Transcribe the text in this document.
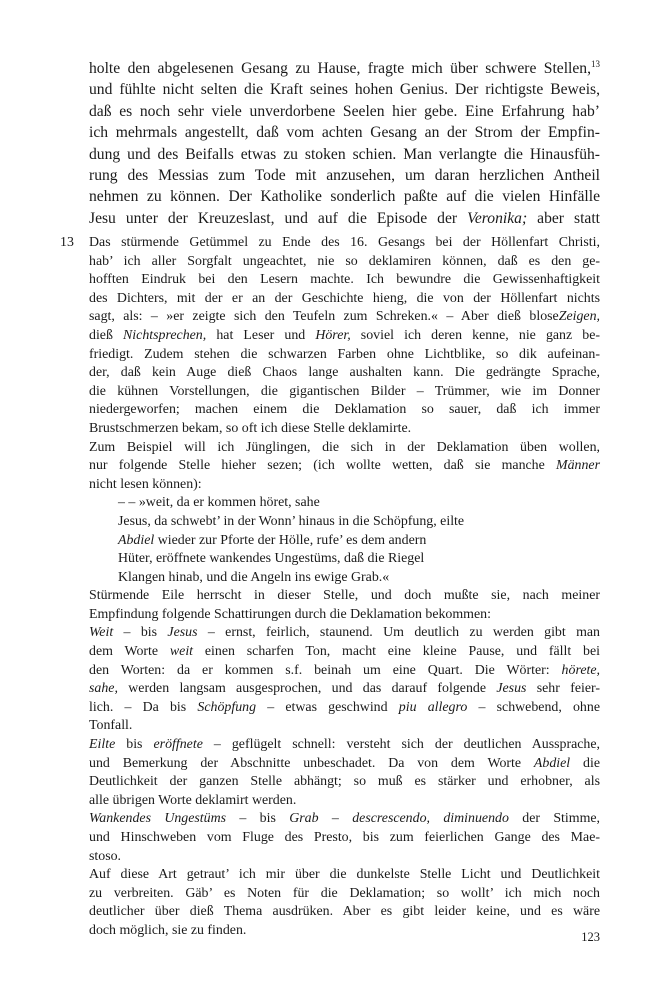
holte den abgelesenen Gesang zu Hause, fragte mich über schwere Stellen,$^{13}$
und fühlte nicht selten die Kraft seines hohen Genius. Der richtigste Beweis,
daß es noch sehr viele unverdorbene Seelen hier gebe. Eine Erfahrung hab’
ich mehrmals angestellt, daß vom achten Gesang an der Strom der Empfin-
dung und des Beifalls etwas zu stoken schien. Man verlangte die Hinausfüh-
rung des Messias zum Tode mit anzusehen, um daran herzlichen Antheil
nehmen zu können. Der Katholike sonderlich paßte auf die vielen Hinfälle
Jesu unter der Kreuzeslast, und auf die Episode der Veronika; aber statt
13	Das stürmende Getümmel zu Ende des 16. Gesangs bei der Höllenfart Christi,
hab’ ich aller Sorgfalt ungeachtet, nie so deklamiren können, daß es den ge-
hofften Eindruk bei den Lesern machte. Ich bewundre die Gewissenhaftigkeit
des Dichters, mit der er an der Geschichte hieng, die von der Höllenfart nichts
sagt, als: – »er zeigte sich den Teufeln zum Schreken.« – Aber dieß bloseZeigen,
dieß Nichtsprechen, hat Leser und Hörer, soviel ich deren kenne, nie ganz be-
friedigt. Zudem stehen die schwarzen Farben ohne Lichtblike, so dik aufeinan-
der, daß kein Auge dieß Chaos lange aushalten kann. Die gedrängte Sprache,
die kühnen Vorstellungen, die gigantischen Bilder – Trümmer, wie im Donner
niedergeworfen; machen einem die Deklamation so sauer, daß ich immer
Brustschmerzen bekam, so oft ich diese Stelle deklamirte.
Zum Beispiel will ich Jünglingen, die sich in der Deklamation üben wollen,
nur folgende Stelle hieher sezen; (ich wollte wetten, daß sie manche Männer
nicht lesen können):
– – »weit, da er kommen höret, sahe
Jesus, da schwebt’ in der Wonn’ hinaus in die Schöpfung, eilte
Abdiel wieder zur Pforte der Hölle, rufe’ es dem andern
Hüter, eröffnete wankendes Ungestüms, daß die Riegel
Klangen hinab, und die Angeln ins ewige Grab.«
Stürmende Eile herrscht in dieser Stelle, und doch mußte sie, nach meiner
Empfindung folgende Schattirungen durch die Deklamation bekommen:
Weit – bis Jesus – ernst, feirlich, staunend. Um deutlich zu werden gibt man
dem Worte weit einen scharfen Ton, macht eine kleine Pause, und fällt bei
den Worten: da er kommen s.f. beinah um eine Quart. Die Wörter: hörete,
sahe, werden langsam ausgesprochen, und das darauf folgende Jesus sehr feier-
lich. – Da bis Schöpfung – etwas geschwind piu allegro – schwebend, ohne
Tonfall.
Eilte bis eröffnete – geflügelt schnell: versteht sich der deutlichen Aussprache,
und Bemerkung der Abschnitte unbeschadet. Da von dem Worte Abdiel die
Deutlichkeit der ganzen Stelle abhängt; so muß es stärker und erhobner, als
alle übrigen Worte deklamirt werden.
Wankendes Ungestüms – bis Grab – descrescendo, diminuendo der Stimme,
und Hinschweben vom Fluge des Presto, bis zum feierlichen Gange des Mae-
stoso.
Auf diese Art getraut’ ich mir über die dunkelste Stelle Licht und Deutlichkeit
zu verbreiten. Gäb’ es Noten für die Deklamation; so wollt’ ich mich noch
deutlicher über dieß Thema ausdrüken. Aber es gibt leider keine, und es wäre
doch möglich, sie zu finden.	123
